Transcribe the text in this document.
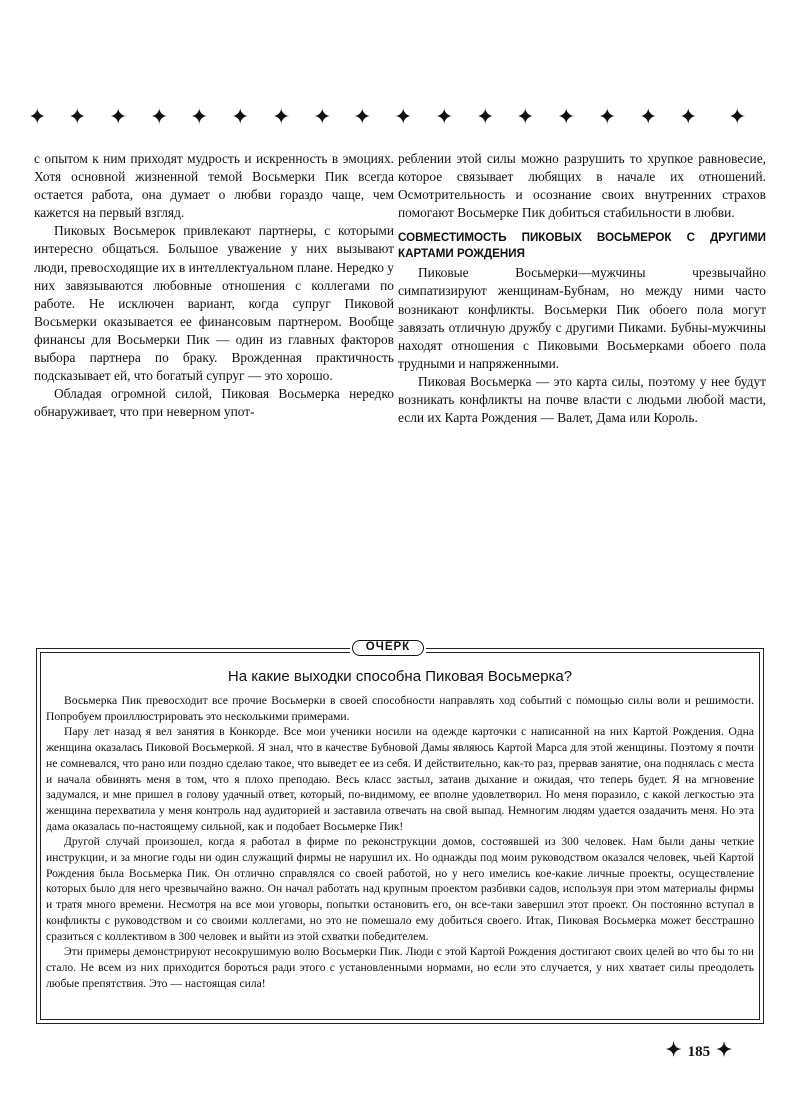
✦ ✦ ✦ ✦ ✦ ✦ ✦ ✦ ✦ ✦ ✦ ✦ ✦ ✦ ✦ ✦ ✦ ✦

с опытом к ним приходят мудрость и искренность в эмоциях. Хотя основной жизненной темой Восьмерки Пик всегда остается работа, она думает о любви гораздо чаще, чем кажется на первый взгляд.

Пиковых Восьмерок привлекают партнеры, с которыми интересно общаться. Большое уважение у них вызывают люди, превосходящие их в интеллектуальном плане. Нередко у них завязываются любовные отношения с коллегами по работе. Не исключен вариант, когда супруг Пиковой Восьмерки оказывается ее финансовым партнером. Вообще финансы для Восьмерки Пик — один из главных факторов выбора партнера по браку. Врожденная практичность подсказывает ей, что богатый супруг — это хорошо.

Обладая огромной силой, Пиковая Восьмерка нередко обнаруживает, что при неверном упот-

реблении этой силы можно разрушить то хрупкое равновесие, которое связывает любящих в начале их отношений. Осмотрительность и осознание своих внутренних страхов помогают Восьмерке Пик добиться стабильности в любви.

СОВМЕСТИМОСТЬ ПИКОВЫХ ВОСЬМЕРОК С ДРУГИМИ КАРТАМИ РОЖДЕНИЯ

Пиковые Восьмерки—мужчины чрезвычайно симпатизируют женщинам-Бубнам, но между ними часто возникают конфликты. Восьмерки Пик обоего пола могут завязать отличную дружбу с другими Пиками. Бубны-мужчины находят отношения с Пиковыми Восьмерками обоего пола трудными и напряженными.

Пиковая Восьмерка — это карта силы, поэтому у нее будут возникать конфликты на почве власти с людьми любой масти, если их Карта Рождения — Валет, Дама или Король.

ОЧЕРК
На какие выходки способна Пиковая Восьмерка?

Восьмерка Пик превосходит все прочие Восьмерки в своей способности направлять ход событий с помощью силы воли и решимости. Попробуем проиллюстрировать это несколькими примерами.

Пару лет назад я вел занятия в Конкорде. Все мои ученики носили на одежде карточки с написанной на них Картой Рождения. Одна женщина оказалась Пиковой Восьмеркой. Я знал, что в качестве Бубновой Дамы являюсь Картой Марса для этой женщины. Поэтому я почти не сомневался, что рано или поздно сделаю такое, что выведет ее из себя. И действительно, как-то раз, прервав занятие, она поднялась с места и начала обвинять меня в том, что я плохо преподаю. Весь класс застыл, затаив дыхание и ожидая, что теперь будет. Я на мгновение задумался, и мне пришел в голову удачный ответ, который, по-видимому, ее вполне удовлетворил. Но меня поразило, с какой легкостью эта женщина перехватила у меня контроль над аудиторией и заставила отвечать на свой выпад. Немногим людям удается озадачить меня. Но эта дама оказалась по-настоящему сильной, как и подобает Восьмерке Пик!

Другой случай произошел, когда я работал в фирме по реконструкции домов, состоявшей из 300 человек. Нам были даны четкие инструкции, и за многие годы ни один служащий фирмы не нарушил их. Но однажды под моим руководством оказался человек, чьей Картой Рождения была Восьмерка Пик. Он отлично справлялся со своей работой, но у него имелись кое-какие личные проекты, осуществление которых было для него чрезвычайно важно. Он начал работать над крупным проектом разбивки садов, используя при этом материалы фирмы и тратя много времени. Несмотря на все мои уговоры, попытки остановить его, он все-таки завершил этот проект. Он постоянно вступал в конфликты с руководством и со своими коллегами, но это не помешало ему добиться своего. Итак, Пиковая Восьмерка может бесстрашно сразиться с коллективом в 300 человек и выйти из этой схватки победителем.

Эти примеры демонстрируют несокрушимую волю Восьмерки Пик. Люди с этой Картой Рождения достигают своих целей во что бы то ни стало. Не всем из них приходится бороться ради этого с установленными нормами, но если это случается, у них хватает силы преодолеть любые препятствия. Это — настоящая сила!

✦ 185 ✦
